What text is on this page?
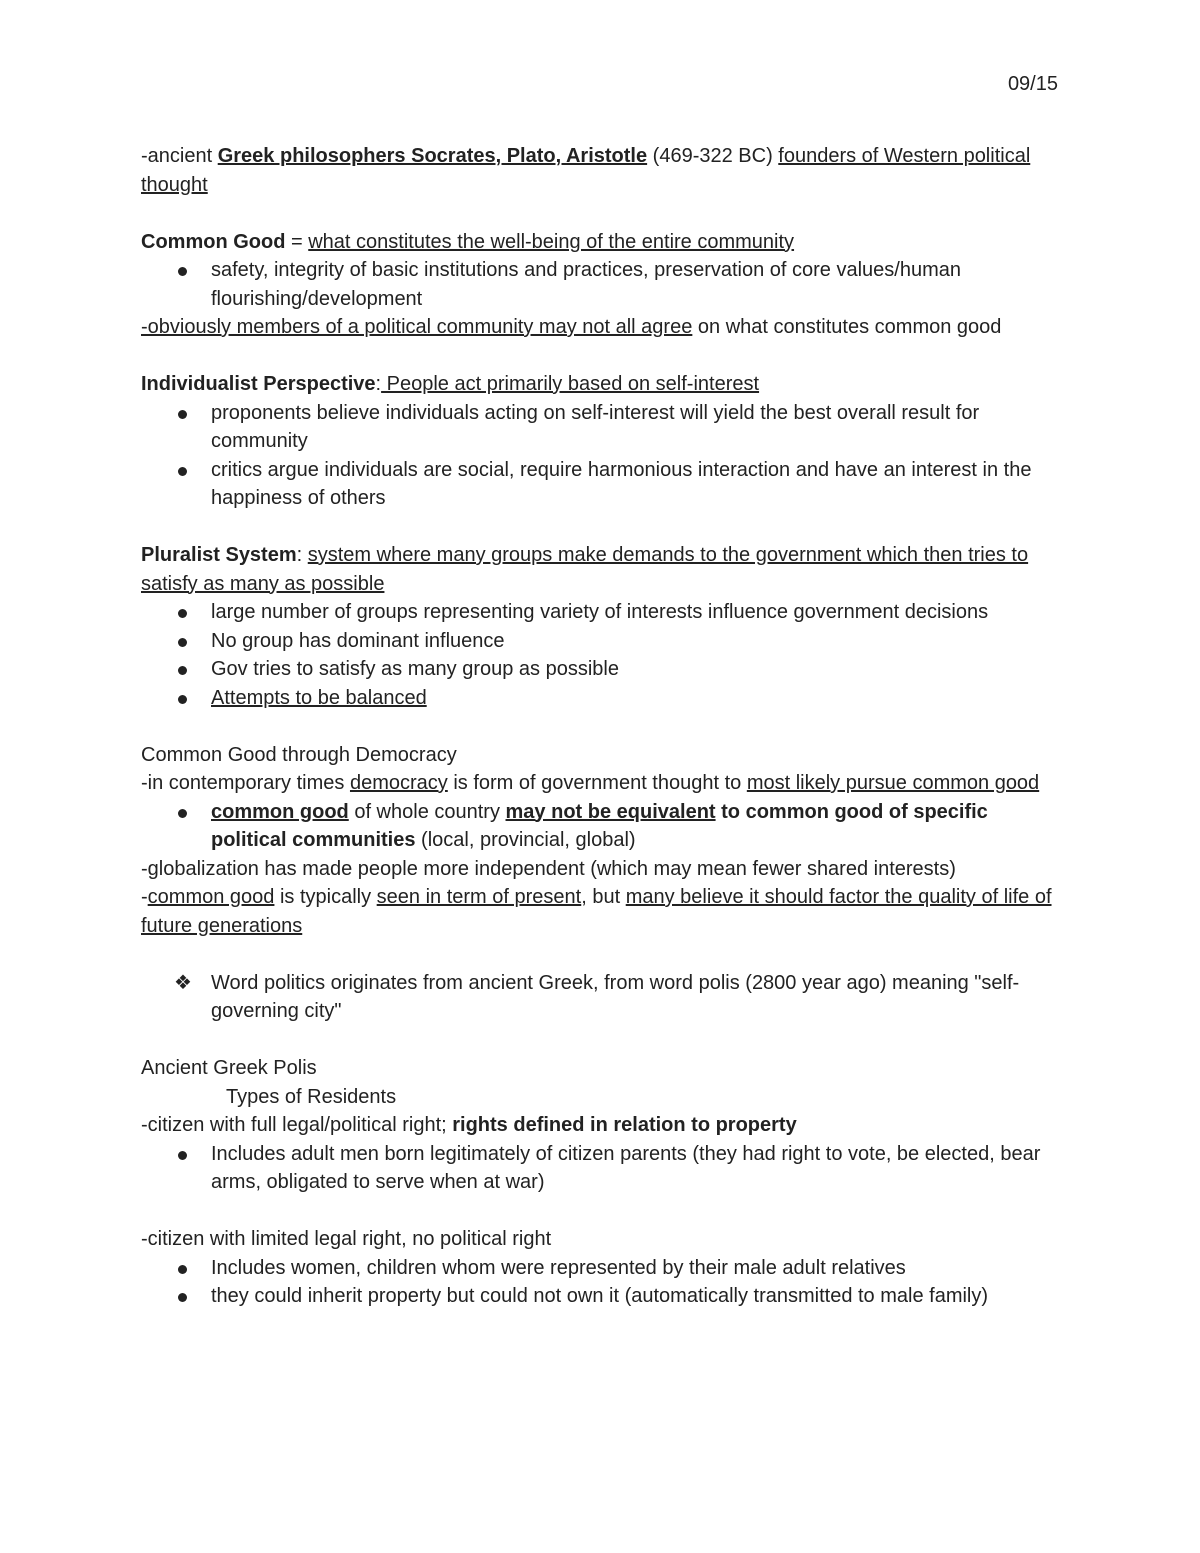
09/15

-ancient Greek philosophers Socrates, Plato, Aristotle (469-322 BC) founders of Western political thought

Common Good = what constitutes the well-being of the entire community

safety, integrity of basic institutions and practices, preservation of core values/human flourishing/development

-obviously members of a political community may not all agree on what constitutes common good

Individualist Perspective: People act primarily based on self-interest

proponents believe individuals acting on self-interest will yield the best overall result for community
critics argue individuals are social, require harmonious interaction and have an interest in the happiness of others

Pluralist System: system where many groups make demands to the government which then tries to satisfy as many as possible

large number of groups representing variety of interests influence government decisions
No group has dominant influence
Gov tries to satisfy as many group as possible
Attempts to be balanced

Common Good through Democracy

-in contemporary times democracy is form of government thought to most likely pursue common good

common good of whole country may not be equivalent to common good of specific political communities (local, provincial, global)

-globalization has made people more independent (which may mean fewer shared interests)

-common good is typically seen in term of present, but many believe it should factor the quality of life of future generations

❖ Word politics originates from ancient Greek, from word polis (2800 year ago) meaning "self-governing city"

Ancient Greek Polis

Types of Residents

-citizen with full legal/political right; rights defined in relation to property

Includes adult men born legitimately of citizen parents (they had right to vote, be elected, bear arms, obligated to serve when at war)

-citizen with limited legal right, no political right

Includes women, children whom were represented by their male adult relatives
they could inherit property but could not own it (automatically transmitted to male family)
